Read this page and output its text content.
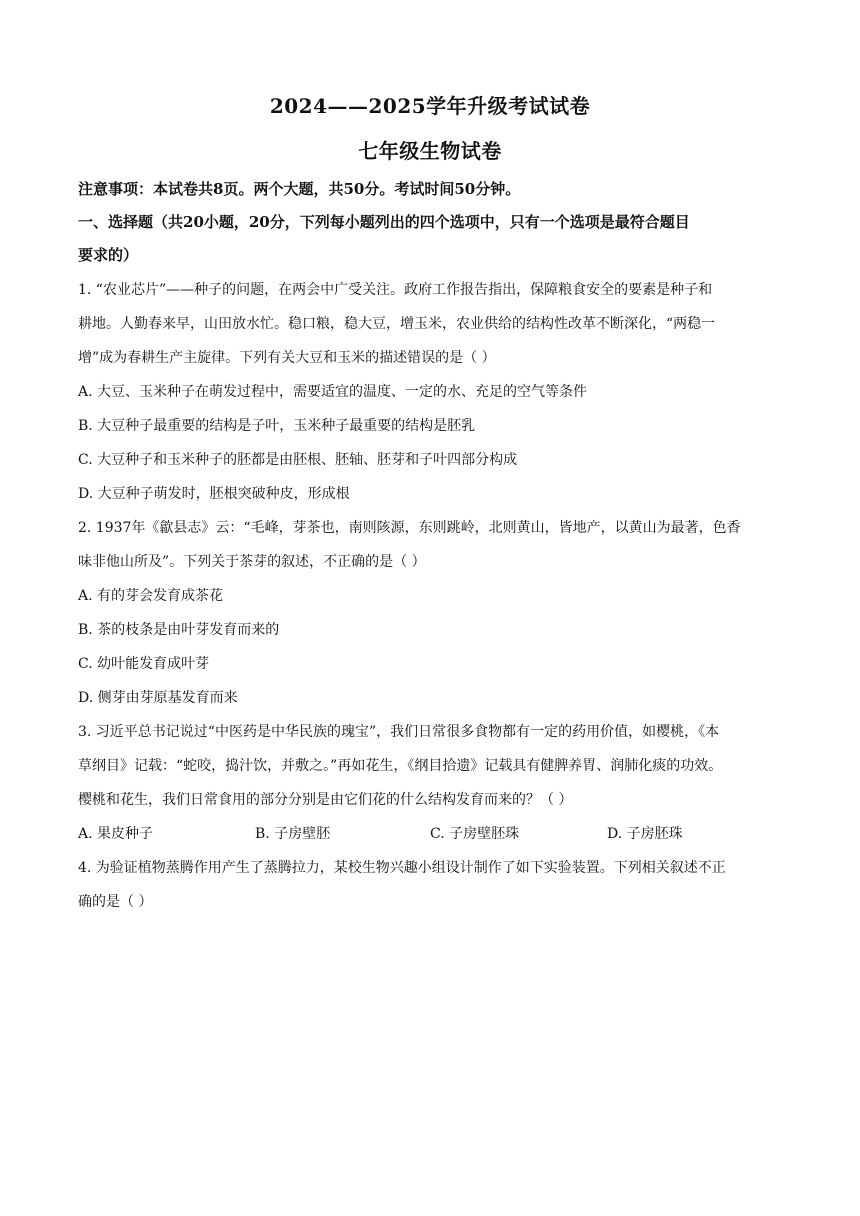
2024——2025学年升级考试试卷
七年级生物试卷
注意事项：本试卷共8页。两个大题，共50分。考试时间50分钟。
一、选择题（共20小题，20分，下列每小题列出的四个选项中，只有一个选项是最符合题目
要求的）
1. “农业芯片”——种子的问题，在两会中广受关注。政府工作报告指出，保障粮食安全的要素是种子和
耕地。人勤春来早，山田放水忙。稳口粮，稳大豆，增玉米，农业供给的结构性改革不断深化，“两稳一
增”成为春耕生产主旋律。下列有关大豆和玉米的描述错误的是（ ）
A. 大豆、玉米种子在萌发过程中，需要适宜的温度、一定的水、充足的空气等条件
B. 大豆种子最重要的结构是子叶，玉米种子最重要的结构是胚乳
C. 大豆种子和玉米种子的胚都是由胚根、胚轴、胚芽和子叶四部分构成
D. 大豆种子萌发时，胚根突破种皮，形成根
2. 1937年《歙县志》云：“毛峰，芽茶也，南则陔源，东则跳岭，北则黄山，皆地产，以黄山为最著，色香
味非他山所及”。下列关于茶芽的叙述，不正确的是（ ）
A. 有的芽会发育成茶花
B. 茶的枝条是由叶芽发育而来的
C. 幼叶能发育成叶芽
D. 侧芽由芽原基发育而来
3. 习近平总书记说过“中医药是中华民族的瑰宝”，我们日常很多食物都有一定的药用价值，如樱桃，《本
草纲目》记载：“蛇咬，捣汁饮，并敷之。”再如花生，《纲目拾遗》记载具有健脾养胃、润肺化痰的功效。
樱桃和花生，我们日常食用的部分分别是由它们花的什么结构发育而来的？（ ）
A. 果皮种子	B. 子房壁胚	C. 子房壁胚珠	D. 子房胚珠
4. 为验证植物蒸腾作用产生了蒸腾拉力，某校生物兴趣小组设计制作了如下实验装置。下列相关叙述不正
确的是（ ）
